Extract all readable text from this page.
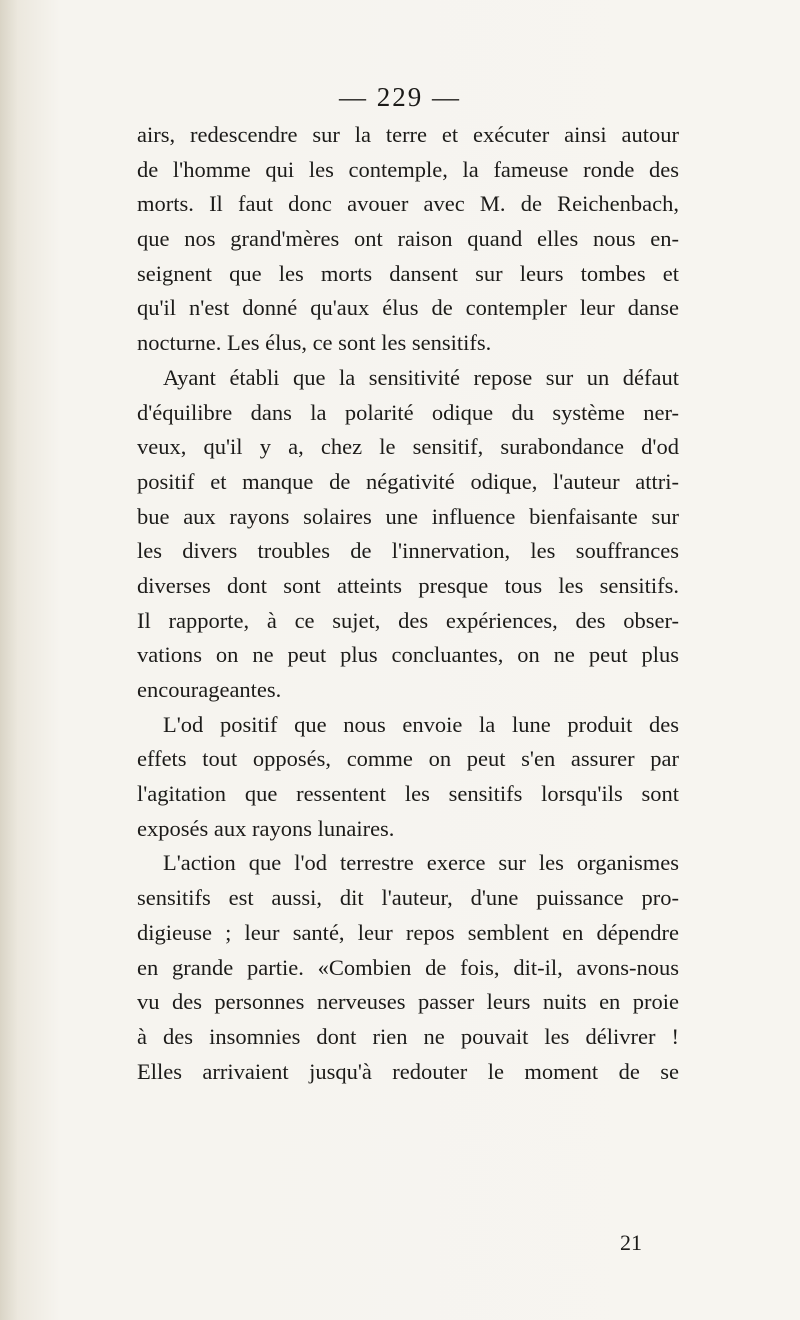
— 229 —
airs, redescendre sur la terre et exécuter ainsi autour
de l'homme qui les contemple, la fameuse ronde des
morts. Il faut donc avouer avec M. de Reichenbach,
que nos grand'mères ont raison quand elles nous en-
seignent que les morts dansent sur leurs tombes et
qu'il n'est donné qu'aux élus de contempler leur danse
nocturne. Les élus, ce sont les sensitifs.
Ayant établi que la sensitivité repose sur un défaut
d'équilibre dans la polarité odique du système ner-
veux, qu'il y a, chez le sensitif, surabondance d'od
positif et manque de négativité odique, l'auteur attri-
bue aux rayons solaires une influence bienfaisante sur
les divers troubles de l'innervation, les souffrances
diverses dont sont atteints presque tous les sensitifs.
Il rapporte, à ce sujet, des expériences, des obser-
vations on ne peut plus concluantes, on ne peut plus
encourageantes.
L'od positif que nous envoie la lune produit des
effets tout opposés, comme on peut s'en assurer par
l'agitation que ressentent les sensitifs lorsqu'ils sont
exposés aux rayons lunaires.
L'action que l'od terrestre exerce sur les organismes
sensitifs est aussi, dit l'auteur, d'une puissance pro-
digieuse ; leur santé, leur repos semblent en dépendre
en grande partie. «Combien de fois, dit-il, avons-nous
vu des personnes nerveuses passer leurs nuits en proie
à des insomnies dont rien ne pouvait les délivrer !
Elles arrivaient jusqu'à redouter le moment de se
21
